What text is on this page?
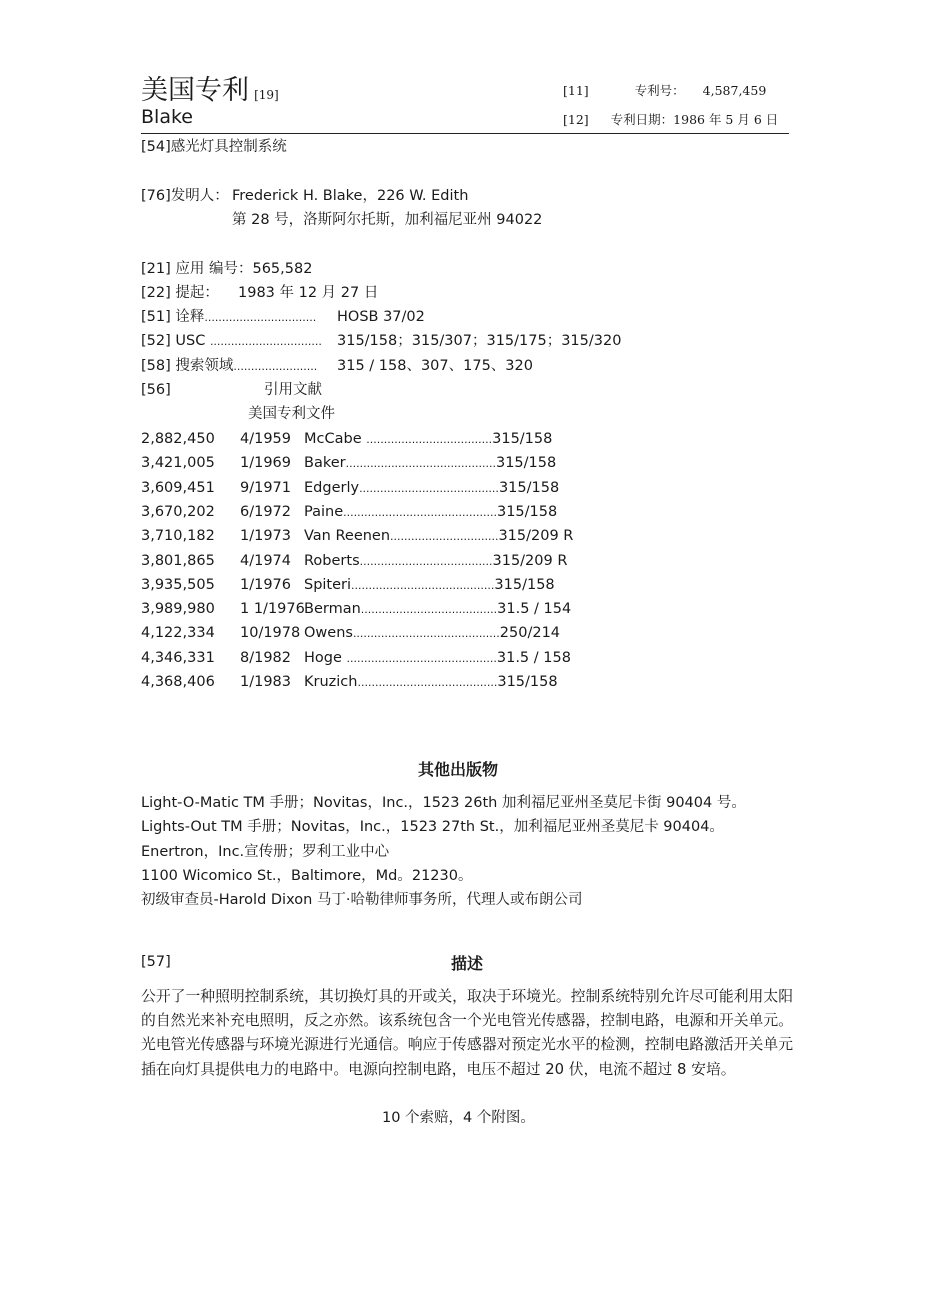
美国专利 [19]
Blake
[11]	专利号： 4,587,459
[12] 专利日期：1986 年 5 月 6 日
[54]感光灯具控制系统
[76]发明人： Frederick H. Blake，226 W. Edith
第 28 号，洛斯阿尔托斯，加利福尼亚州 94022
[21] 应用 编号：565,582
[22] 提起： 1983 年 12 月 27 日
[51] 诠释................................ HOSB 37/02
[52] USC ................................ 315/158；315/307；315/175；315/320
[58] 搜索领域........................ 315 / 158、307、175、320
[56]	引用文献
美国专利文件
2,882,450 4/1959 McCabe ....................................315/158
3,421,005 1/1969 Baker...........................................315/158
3,609,451 9/1971 Edgerly........................................315/158
3,670,202 6/1972 Paine............................................315/158
3,710,182 1/1973 Van Reenen...............................315/209 R
3,801,865 4/1974 Roberts......................................315/209 R
3,935,505 1/1976 Spiteri.........................................315/158
3,989,980 1 1/1976 Berman.......................................31.5 / 154
4,122,334 10/1978 Owens..........................................250/214
4,346,331 8/1982 Hoge ...........................................31.5 / 158
4,368,406 1/1983 Kruzich........................................315/158
其他出版物
Light-O-Matic TM 手册；Novitas，Inc.，1523 26th 加利福尼亚州圣莫尼卡街 90404 号。
Lights-Out TM 手册；Novitas，Inc.，1523 27th St.，加利福尼亚州圣莫尼卡 90404。
Enertron，Inc.宣传册；罗利工业中心
1100 Wicomico St.，Baltimore，Md。21230。
初级审查员-Harold Dixon 马丁·哈勒律师事务所，代理人或布朗公司
[57]	描述
公开了一种照明控制系统，其切换灯具的开或关，取决于环境光。控制系统特别允许尽可能利用太阳的自然光来补充电照明，反之亦然。该系统包含一个光电管光传感器，控制电路，电源和开关单元。光电管光传感器与环境光源进行光通信。响应于传感器对预定光水平的检测，控制电路激活开关单元插在向灯具提供电力的电路中。电源向控制电路，电压不超过 20 伏，电流不超过 8 安培。
10 个索赔，4 个附图。
